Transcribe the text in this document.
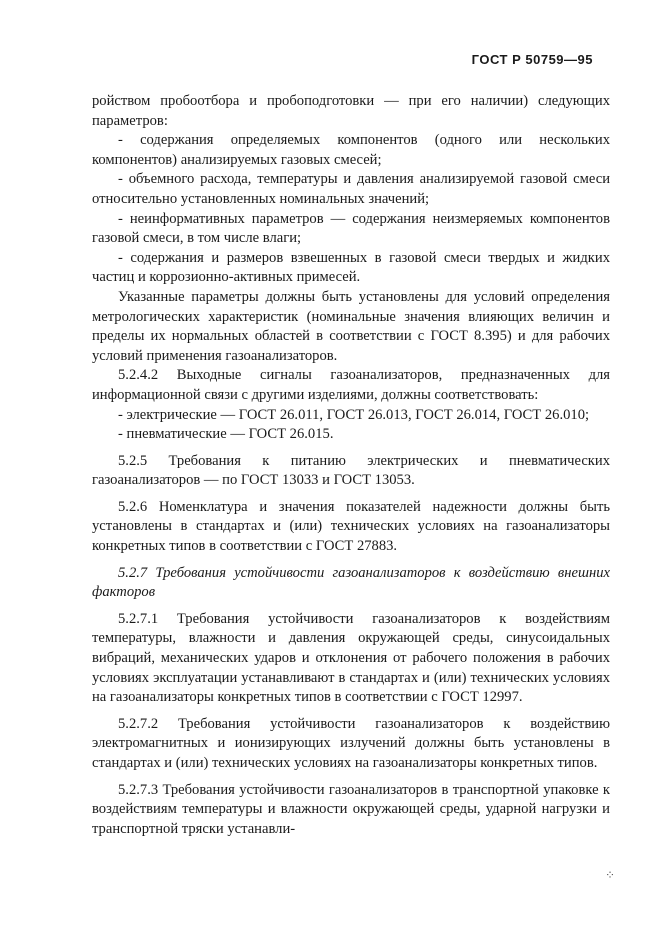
ГОСТ Р 50759—95

ройством пробоотбора и пробоподготовки — при его наличии) следующих параметров:

- содержания определяемых компонентов (одного или нескольких компонентов) анализируемых газовых смесей;

- объемного расхода, температуры и давления анализируемой газовой смеси относительно установленных номинальных значений;

- неинформативных параметров — содержания неизмеряемых компонентов газовой смеси, в том числе влаги;

- содержания и размеров взвешенных в газовой смеси твердых и жидких частиц и коррозионно-активных примесей.

Указанные параметры должны быть установлены для условий определения метрологических характеристик (номинальные значения влияющих величин и пределы их нормальных областей в соответствии с ГОСТ 8.395) и для рабочих условий применения газоанализаторов.

5.2.4.2 Выходные сигналы газоанализаторов, предназначенных для информационной связи с другими изделиями, должны соответствовать:

- электрические — ГОСТ 26.011, ГОСТ 26.013, ГОСТ 26.014, ГОСТ 26.010;

- пневматические — ГОСТ 26.015.

5.2.5 Требования к питанию электрических и пневматических газоанализаторов — по ГОСТ 13033 и ГОСТ 13053.

5.2.6 Номенклатура и значения показателей надежности должны быть установлены в стандартах и (или) технических условиях на газоанализаторы конкретных типов в соответствии с ГОСТ 27883.

5.2.7 Требования устойчивости газоанализаторов к воздействию внешних факторов

5.2.7.1 Требования устойчивости газоанализаторов к воздействиям температуры, влажности и давления окружающей среды, синусоидальных вибраций, механических ударов и отклонения от рабочего положения в рабочих условиях эксплуатации устанавливают в стандартах и (или) технических условиях на газоанализаторы конкретных типов в соответствии с ГОСТ 12997.

5.2.7.2 Требования устойчивости газоанализаторов к воздействию электромагнитных и ионизирующих излучений должны быть установлены в стандартах и (или) технических условиях на газоанализаторы конкретных типов.

5.2.7.3 Требования устойчивости газоанализаторов в транспортной упаковке к воздействиям температуры и влажности окружающей среды, ударной нагрузки и транспортной тряски устанавли-

⁘
